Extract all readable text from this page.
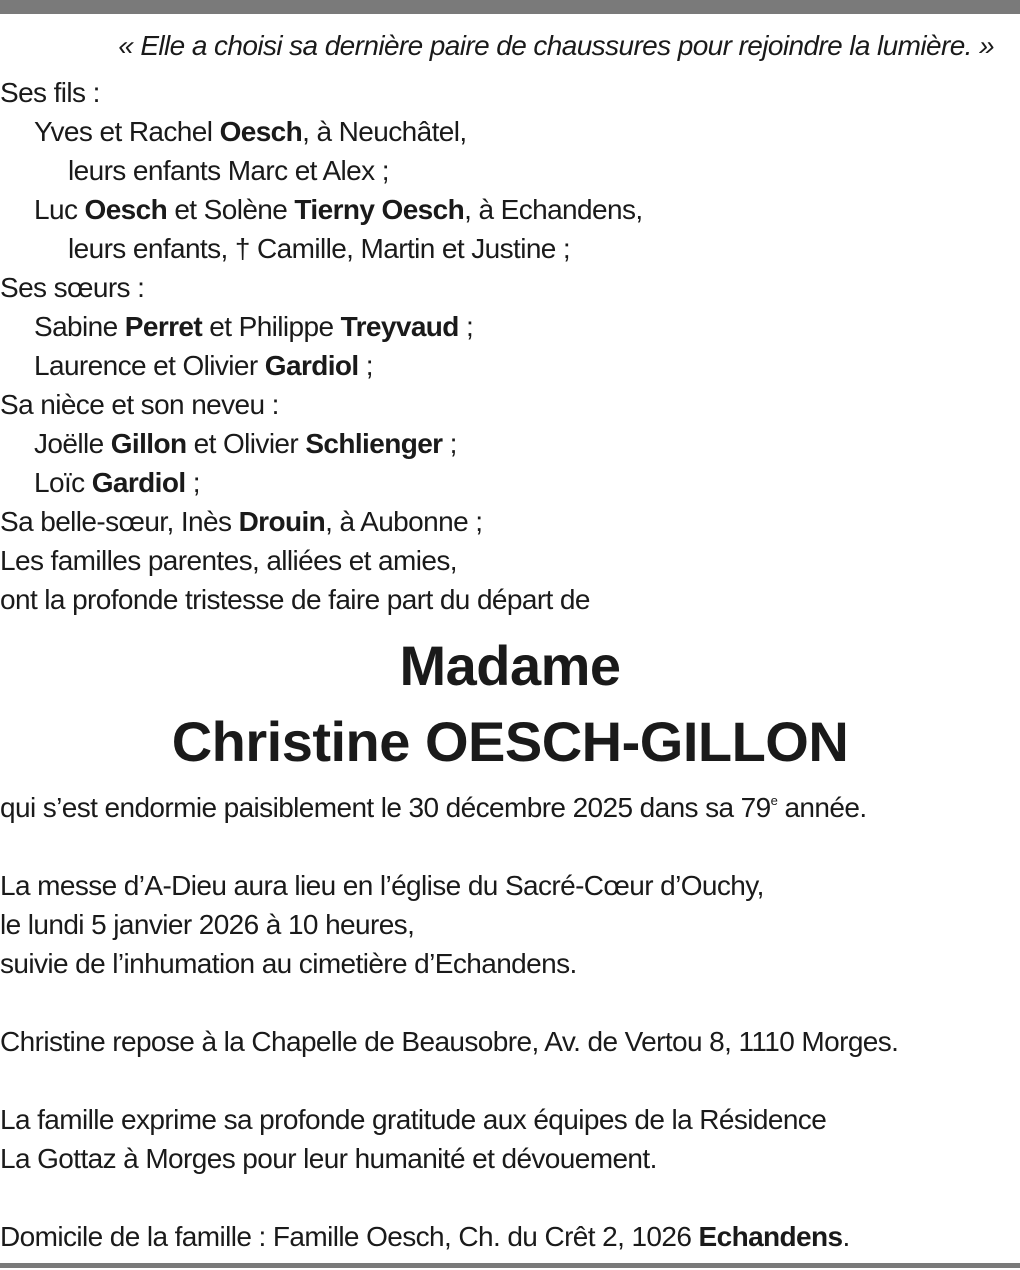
« Elle a choisi sa dernière paire de chaussures pour rejoindre la lumière. »
Ses fils :
Yves et Rachel Oesch, à Neuchâtel,
leurs enfants Marc et Alex ;
Luc Oesch et Solène Tierny Oesch, à Echandens,
leurs enfants, † Camille, Martin et Justine ;
Ses sœurs :
Sabine Perret et Philippe Treyvaud ;
Laurence et Olivier Gardiol ;
Sa nièce et son neveu :
Joëlle Gillon et Olivier Schlienger ;
Loïc Gardiol ;
Sa belle-sœur, Inès Drouin, à Aubonne ;
Les familles parentes, alliées et amies,
ont la profonde tristesse de faire part du départ de
Madame
Christine OESCH-GILLON
qui s’est endormie paisiblement le 30 décembre 2025 dans sa 79e année.
La messe d’A-Dieu aura lieu en l’église du Sacré-Cœur d’Ouchy,
le lundi 5 janvier 2026 à 10 heures,
suivie de l’inhumation au cimetière d’Echandens.
Christine repose à la Chapelle de Beausobre, Av. de Vertou 8, 1110 Morges.
La famille exprime sa profonde gratitude aux équipes de la Résidence
La Gottaz à Morges pour leur humanité et dévouement.
Domicile de la famille : Famille Oesch, Ch. du Crêt 2, 1026 Echandens.
